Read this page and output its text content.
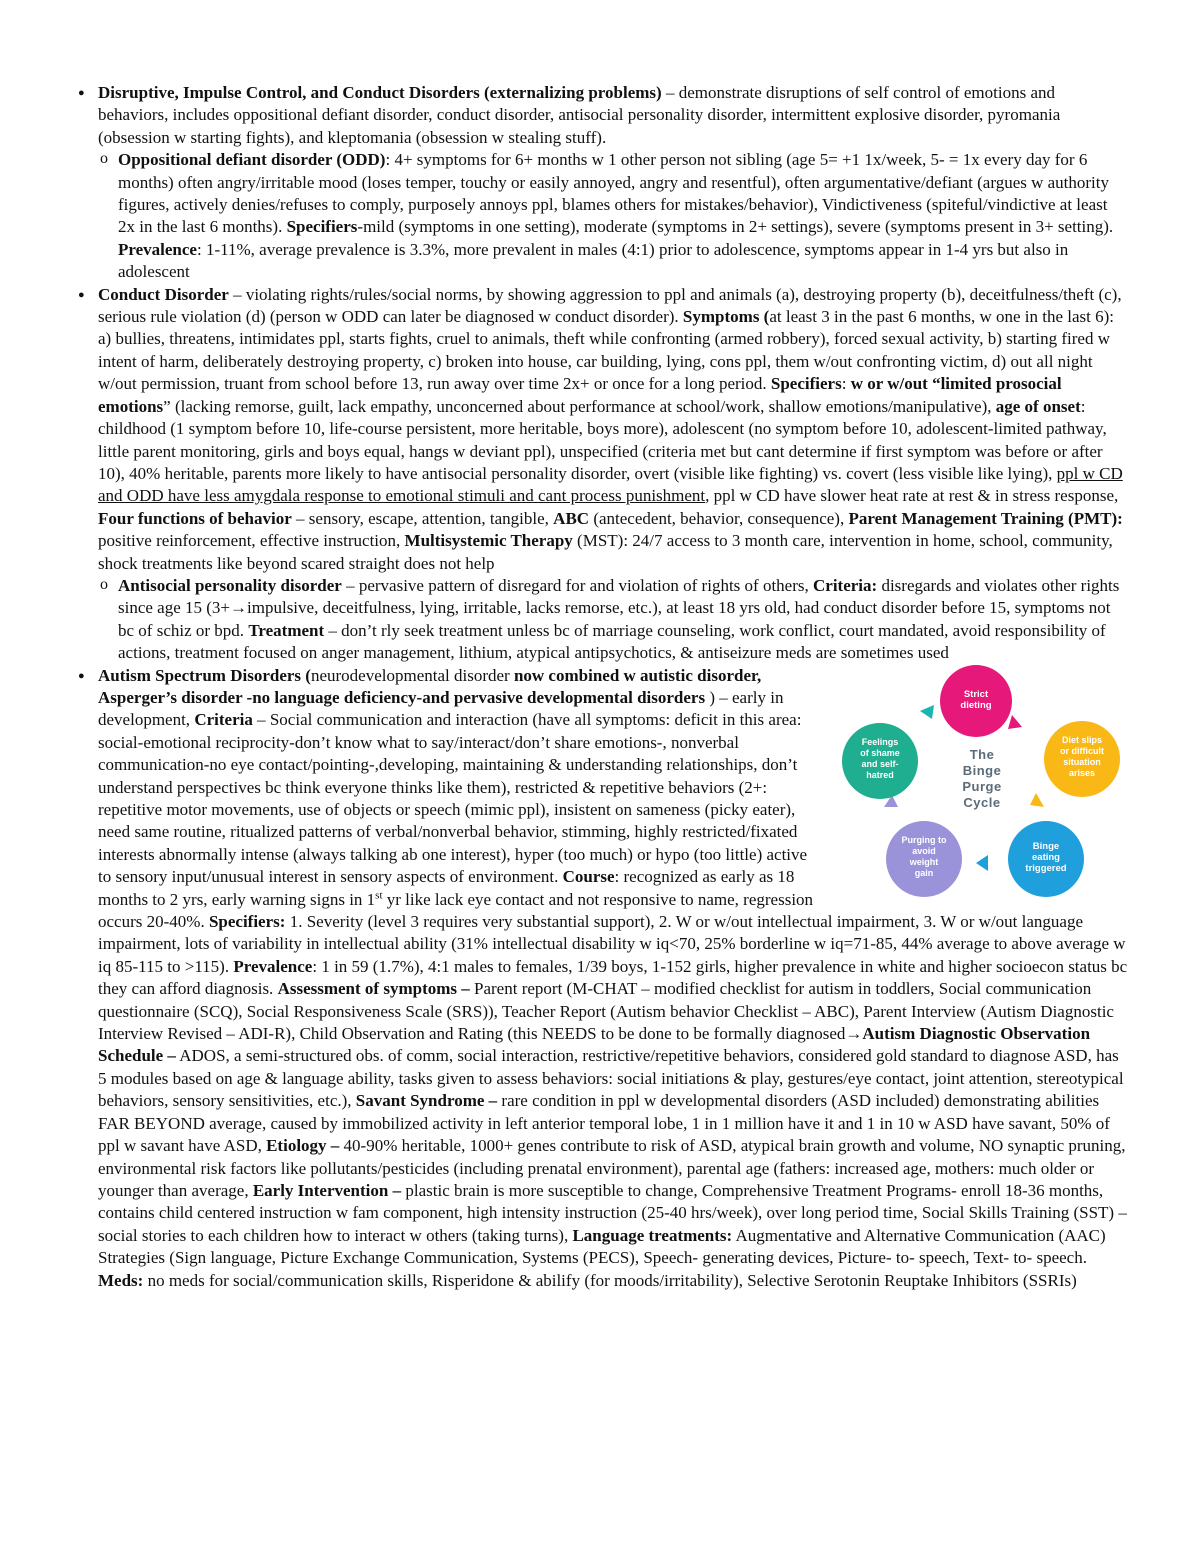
● Disruptive, Impulse Control, and Conduct Disorders (externalizing problems) – demonstrate disruptions of self control of emotions and behaviors, includes oppositional defiant disorder, conduct disorder, antisocial personality disorder, intermittent explosive disorder, pyromania (obsession w starting fights), and kleptomania (obsession w stealing stuff).
o Oppositional defiant disorder (ODD): 4+ symptoms for 6+ months w 1 other person not sibling (age 5= +1 1x/week, 5- = 1x every day for 6 months) often angry/irritable mood (loses temper, touchy or easily annoyed, angry and resentful), often argumentative/defiant (argues w authority figures, actively denies/refuses to comply, purposely annoys ppl, blames others for mistakes/behavior), Vindictiveness (spiteful/vindictive at least 2x in the last 6 months). Specifiers-mild (symptoms in one setting), moderate (symptoms in 2+ settings), severe (symptoms present in 3+ setting). Prevalence: 1-11%, average prevalence is 3.3%, more prevalent in males (4:1) prior to adolescence, symptoms appear in 1-4 yrs but also in adolescent
● Conduct Disorder – violating rights/rules/social norms, by showing aggression to ppl and animals (a), destroying property (b), deceitfulness/theft (c), serious rule violation (d) (person w ODD can later be diagnosed w conduct disorder). Symptoms (at least 3 in the past 6 months, w one in the last 6): a) bullies, threatens, intimidates ppl, starts fights, cruel to animals, theft while confronting (armed robbery), forced sexual activity, b) starting fired w intent of harm, deliberately destroying property, c) broken into house, car building, lying, cons ppl, them w/out confronting victim, d) out all night w/out permission, truant from school before 13, run away over time 2x+ or once for a long period. Specifiers: w or w/out “limited prosocial emotions” (lacking remorse, guilt, lack empathy, unconcerned about performance at school/work, shallow emotions/manipulative), age of onset: childhood (1 symptom before 10, life-course persistent, more heritable, boys more), adolescent (no symptom before 10, adolescent-limited pathway, little parent monitoring, girls and boys equal, hangs w deviant ppl), unspecified (criteria met but cant determine if first symptom was before or after 10), 40% heritable, parents more likely to have antisocial personality disorder, overt (visible like fighting) vs. covert (less visible like lying), ppl w CD and ODD have less amygdala response to emotional stimuli and cant process punishment, ppl w CD have slower heat rate at rest & in stress response, Four functions of behavior – sensory, escape, attention, tangible, ABC (antecedent, behavior, consequence), Parent Management Training (PMT): positive reinforcement, effective instruction, Multisystemic Therapy (MST): 24/7 access to 3 month care, intervention in home, school, community, shock treatments like beyond scared straight does not help
o Antisocial personality disorder – pervasive pattern of disregard for and violation of rights of others, Criteria: disregards and violates other rights since age 15 (3+→impulsive, deceitfulness, lying, irritable, lacks remorse, etc.), at least 18 yrs old, had conduct disorder before 15, symptoms not bc of schiz or bpd. Treatment – don’t rly seek treatment unless bc of marriage counseling, work conflict, court mandated, avoid responsibility of actions, treatment focused on anger management, lithium, atypical antipsychotics, & antiseizure meds are sometimes used
● Strict
dieting
Diet slips
or difficult
situation
arises
Binge
eating
triggered
Purging to
avoid
weight
gain
Feelings
of shame
and self-
hatred
The
Binge
Purge
Cycle
Autism Spectrum Disorders (neurodevelopmental disorder now combined w autistic disorder, Asperger’s disorder -no language deficiency-and pervasive developmental disorders ) – early in development, Criteria – Social communication and interaction (have all symptoms: deficit in this area: social-emotional reciprocity-don’t know what to say/interact/don’t share emotions-, nonverbal communication-no eye contact/pointing-,developing, maintaining & understanding relationships, don’t understand perspectives bc think everyone thinks like them), restricted & repetitive behaviors (2+: repetitive motor movements, use of objects or speech (mimic ppl), insistent on sameness (picky eater), need same routine, ritualized patterns of verbal/nonverbal behavior, stimming, highly restricted/fixated interests abnormally intense (always talking ab one interest), hyper (too much) or hypo (too little) active to sensory input/unusual interest in sensory aspects of environment. Course: recognized as early as 18 months to 2 yrs, early warning signs in 1st yr like lack eye contact and not responsive to name, regression occurs 20-40%. Specifiers: 1. Severity (level 3 requires very substantial support), 2. W or w/out intellectual impairment, 3. W or w/out language impairment, lots of variability in intellectual ability (31% intellectual disability w iq<70, 25% borderline w iq=71-85, 44% average to above average w iq 85-115 to >115). Prevalence: 1 in 59 (1.7%), 4:1 males to females, 1/39 boys, 1-152 girls, higher prevalence in white and higher socioecon status bc they can afford diagnosis. Assessment of symptoms – Parent report (M-CHAT – modified checklist for autism in toddlers, Social communication questionnaire (SCQ), Social Responsiveness Scale (SRS)), Teacher Report (Autism behavior Checklist – ABC), Parent Interview (Autism Diagnostic Interview Revised – ADI-R), Child Observation and Rating (this NEEDS to be done to be formally diagnosed→Autism Diagnostic Observation Schedule – ADOS, a semi-structured obs. of comm, social interaction, restrictive/repetitive behaviors, considered gold standard to diagnose ASD, has 5 modules based on age & language ability, tasks given to assess behaviors: social initiations & play, gestures/eye contact, joint attention, stereotypical behaviors, sensory sensitivities, etc.), Savant Syndrome – rare condition in ppl w developmental disorders (ASD included) demonstrating abilities FAR BEYOND average, caused by immobilized activity in left anterior temporal lobe, 1 in 1 million have it and 1 in 10 w ASD have savant, 50% of ppl w savant have ASD, Etiology – 40-90% heritable, 1000+ genes contribute to risk of ASD, atypical brain growth and volume, NO synaptic pruning, environmental risk factors like pollutants/pesticides (including prenatal environment), parental age (fathers: increased age, mothers: much older or younger than average, Early Intervention – plastic brain is more susceptible to change, Comprehensive Treatment Programs- enroll 18-36 months, contains child centered instruction w fam component, high intensity instruction (25-40 hrs/week), over long period time, Social Skills Training (SST) – social stories to each children how to interact w others (taking turns), Language treatments: Augmentative and Alternative Communication (AAC) Strategies (Sign language, Picture Exchange Communication, Systems (PECS), Speech- generating devices, Picture- to- speech, Text- to- speech. Meds: no meds for social/communication skills, Risperidone & abilify (for moods/irritability), Selective Serotonin Reuptake Inhibitors (SSRIs)
